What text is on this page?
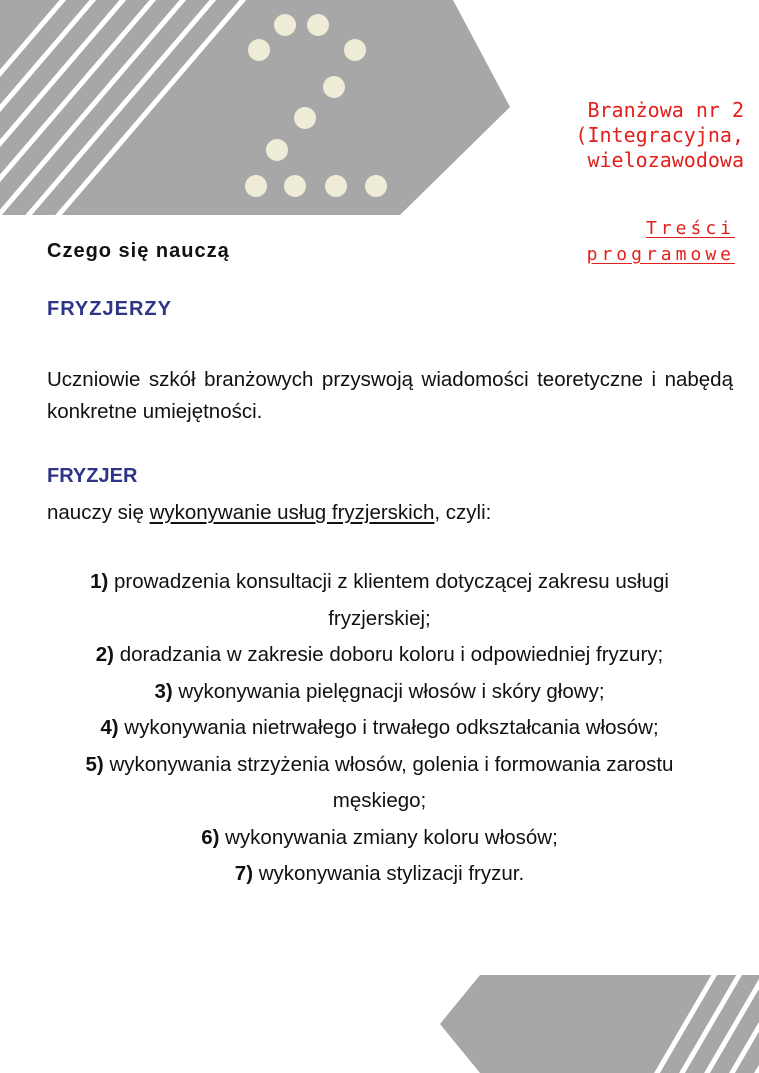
Branżowa nr 2 (Integracyjna, wielozawodowa
Treści programowe
Czego się nauczą
FRYZJERZY
Uczniowie szkół branżowych przyswoją wiadomości teoretyczne i nabędą konkretne umiejętności.
FRYZJER
nauczy się wykonywanie usług fryzjerskich, czyli:
1) prowadzenia konsultacji z klientem dotyczącej zakresu usługi fryzjerskiej;
2) doradzania w zakresie doboru koloru i odpowiedniej fryzury;
3) wykonywania pielęgnacji włosów i skóry głowy;
4) wykonywania nietrwałego i trwałego odkształcania włosów;
5) wykonywania strzyżenia włosów, golenia i formowania zarostu męskiego;
6) wykonywania zmiany koloru włosów;
7) wykonywania stylizacji fryzur.
